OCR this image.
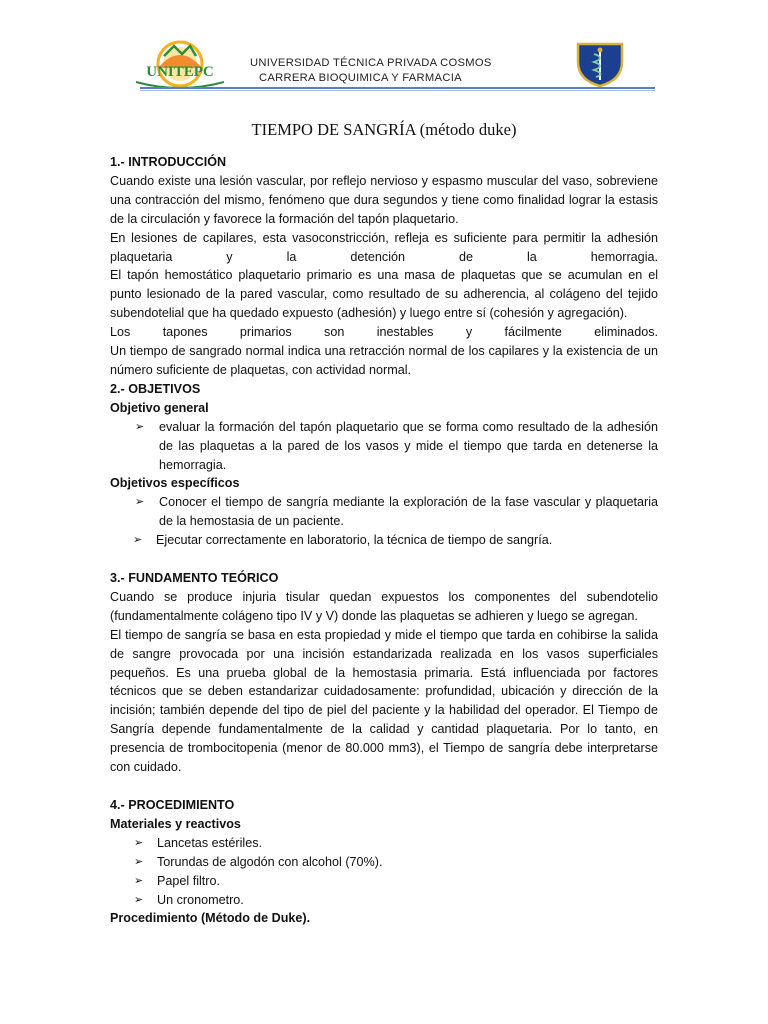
UNITEPC
UNIVERSIDAD TÉCNICA PRIVADA COSMOS
CARRERA BIOQUIMICA Y FARMACIA
TIEMPO DE SANGRÍA (método duke)

1.- INTRODUCCIÓN

Cuando existe una lesión vascular, por reflejo nervioso y espasmo muscular del vaso, sobreviene una contracción del mismo, fenómeno que dura segundos y tiene como finalidad lograr la estasis de la circulación y favorece la formación del tapón plaquetario.

En lesiones de capilares, esta vasoconstricción, refleja es suficiente para permitir la adhesión

plaquetaria y la detención de la hemorragia.

El tapón hemostático plaquetario primario es una masa de plaquetas que se acumulan en el punto lesionado de la pared vascular, como resultado de su adherencia, al colágeno del tejido subendotelial que ha quedado expuesto (adhesión) y luego entre sí (cohesión y agregación).

Los tapones primarios son inestables y fácilmente eliminados.

Un tiempo de sangrado normal indica una retracción normal de los capilares y la existencia de un número suficiente de plaquetas, con actividad normal.

2.- OBJETIVOS

Objetivo general

➢ evaluar la formación del tapón plaquetario que se forma como resultado de la adhesión de las plaquetas a la pared de los vasos y mide el tiempo que tarda en detenerse la hemorragia.

Objetivos específicos

➢ Conocer el tiempo de sangría mediante la exploración de la fase vascular y plaquetaria de la hemostasia de un paciente.
➢ Ejecutar correctamente en laboratorio, la técnica de tiempo de sangría.

3.- FUNDAMENTO TEÓRICO

Cuando se produce injuria tisular quedan expuestos los componentes del subendotelio (fundamentalmente colágeno tipo IV y V) donde las plaquetas se adhieren y luego se agregan.

El tiempo de sangría se basa en esta propiedad y mide el tiempo que tarda en cohibirse la salida de sangre provocada por una incisión estandarizada realizada en los vasos superficiales pequeños. Es una prueba global de la hemostasia primaria. Está influenciada por factores técnicos que se deben estandarizar cuidadosamente: profundidad, ubicación y dirección de la incisión; también depende del tipo de piel del paciente y la habilidad del operador. El Tiempo de Sangría depende fundamentalmente de la calidad y cantidad plaquetaria. Por lo tanto, en presencia de trombocitopenia (menor de 80.000 mm3), el Tiempo de sangría debe interpretarse con cuidado.

4.- PROCEDIMIENTO

Materiales y reactivos

➢ Lancetas estériles.
➢ Torundas de algodón con alcohol (70%).
➢ Papel filtro.
➢ Un cronometro.

Procedimiento (Método de Duke).
